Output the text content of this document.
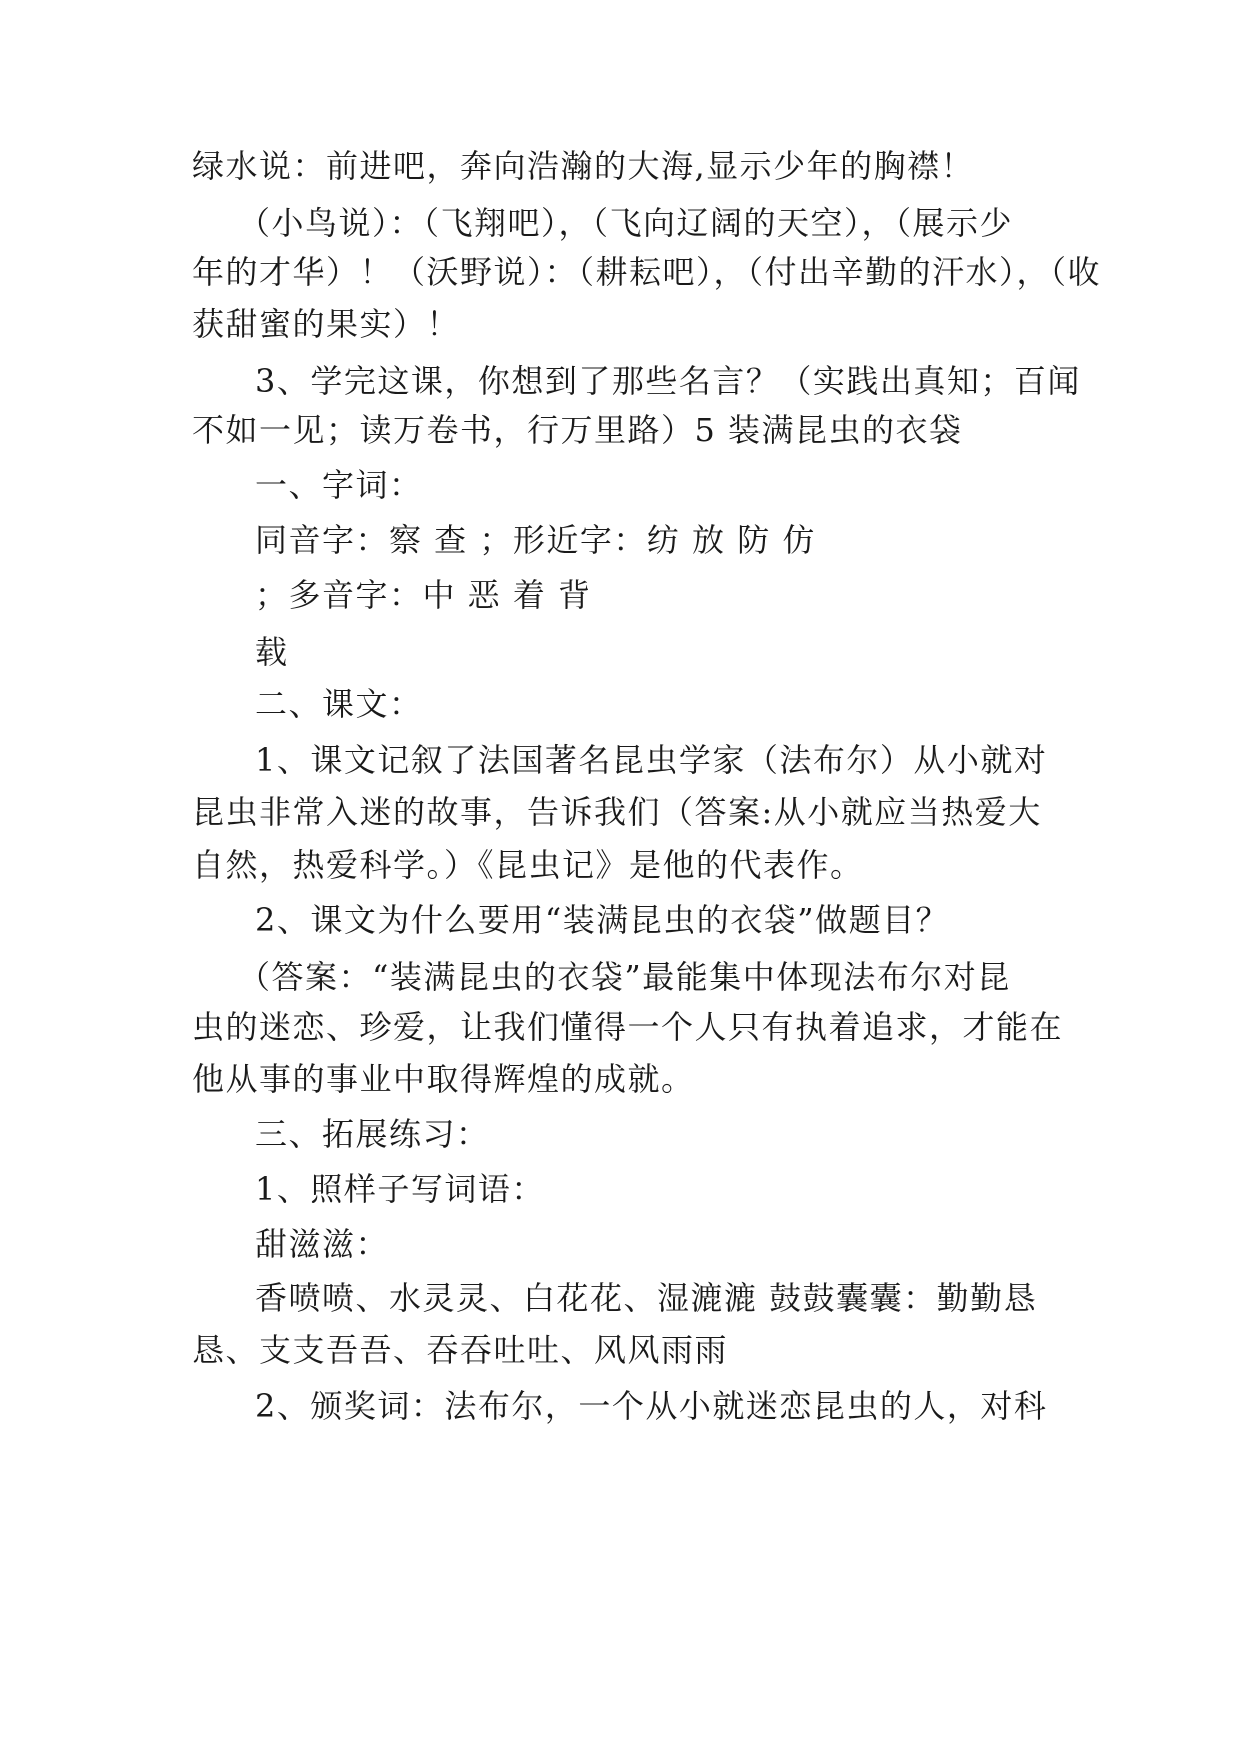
绿水说：前进吧，奔向浩瀚的大海,显示少年的胸襟！
（小鸟说）：（飞翔吧），（飞向辽阔的天空），（展示少
年的才华）！（沃野说）：（耕耘吧），（付出辛勤的汗水），（收
获甜蜜的果实）！
3、学完这课，你想到了那些名言？（实践出真知；百闻
不如一见；读万卷书，行万里路）5 装满昆虫的衣袋
一、字词：
同音字：察 查 ；形近字：纺 放 防 仿
；多音字：中 恶 着 背
载
二、课文：
1、课文记叙了法国著名昆虫学家（法布尔）从小就对
昆虫非常入迷的故事，告诉我们（答案:从小就应当热爱大
自然，热爱科学。）《昆虫记》是他的代表作。
2、课文为什么要用“装满昆虫的衣袋”做题目？
（答案：“装满昆虫的衣袋”最能集中体现法布尔对昆
虫的迷恋、珍爱，让我们懂得一个人只有执着追求，才能在
他从事的事业中取得辉煌的成就。
三、拓展练习：
1、照样子写词语：
甜滋滋：
香喷喷、水灵灵、白花花、湿漉漉 鼓鼓囊囊：勤勤恳
恳、支支吾吾、吞吞吐吐、风风雨雨
2、颁奖词：法布尔，一个从小就迷恋昆虫的人，对科
